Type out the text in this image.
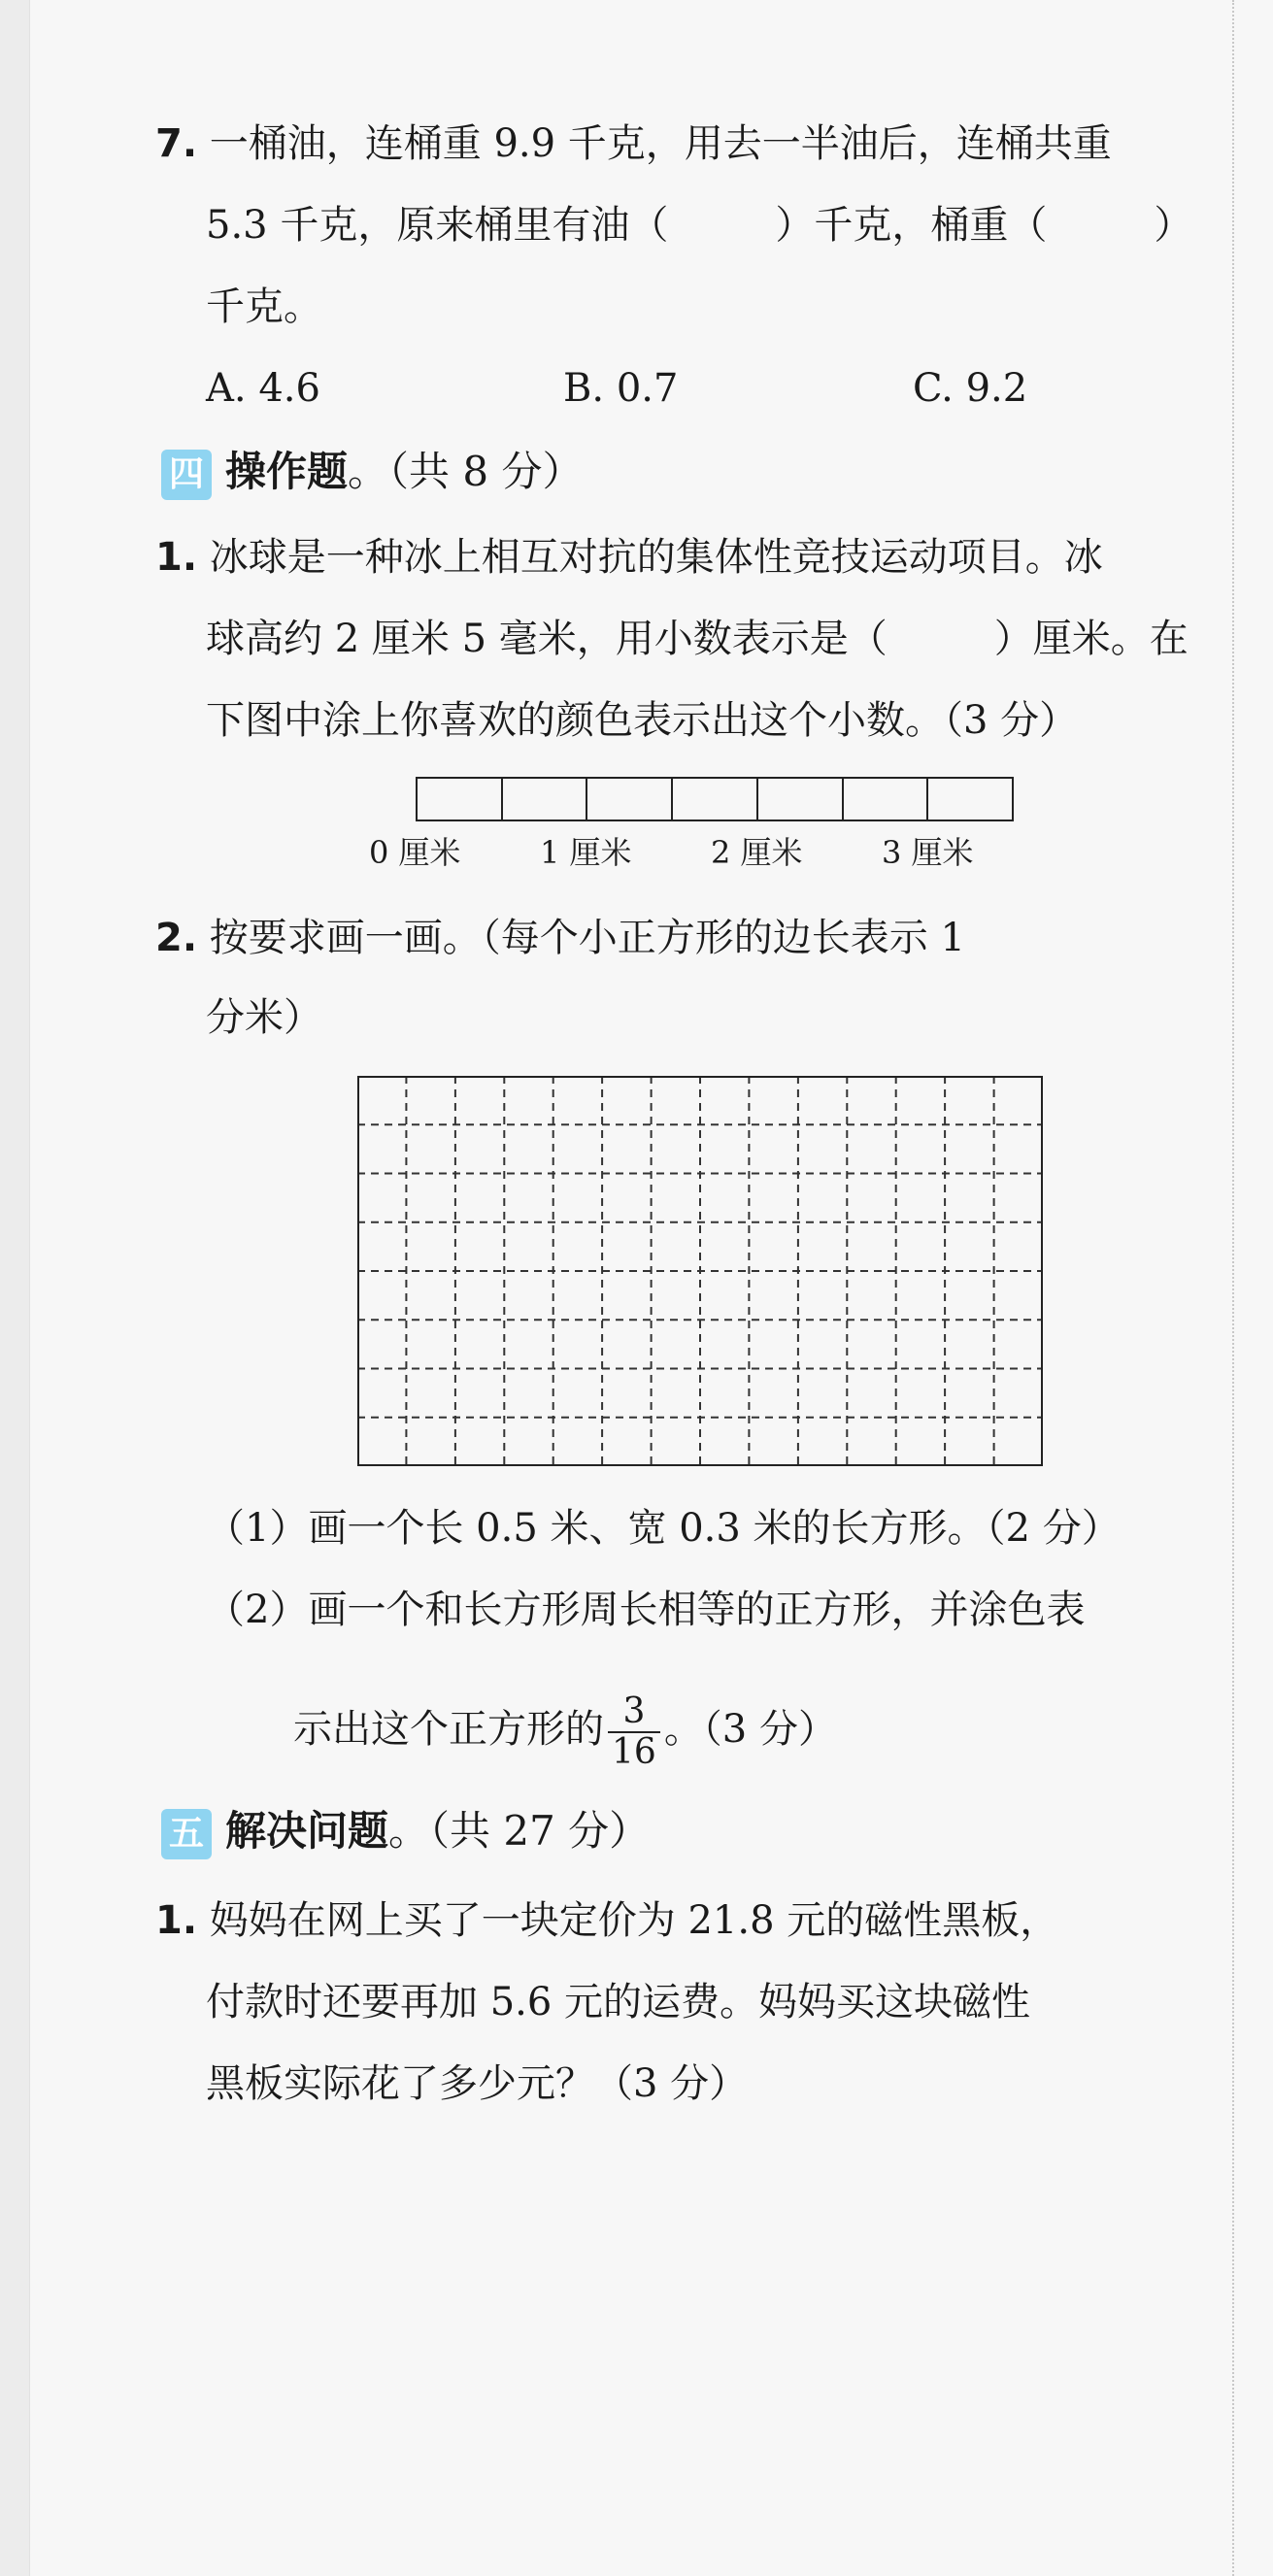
7. 一桶油，连桶重 9.9 千克，用去一半油后，连桶共重
5.3 千克，原来桶里有油（	）千克，桶重（	）
千克。
A. 4.6	B. 0.7	C. 9.2
四 操作题。（共 8 分）
1. 冰球是一种冰上相互对抗的集体性竞技运动项目。冰
球高约 2 厘米 5 毫米，用小数表示是（	）厘米。在
下图中涂上你喜欢的颜色表示出这个小数。（3 分）
0 厘米	1 厘米	2 厘米	3 厘米
2. 按要求画一画。（每个小正方形的边长表示 1
分米）
（1）画一个长 0.5 米、宽 0.3 米的长方形。（2 分）
（2）画一个和长方形周长相等的正方形，并涂色表
示出这个正方形的 $\frac{3}{16}$ 。（3 分）
五 解决问题。（共 27 分）
1. 妈妈在网上买了一块定价为 21.8 元的磁性黑板，
付款时还要再加 5.6 元的运费。妈妈买这块磁性
黑板实际花了多少元？（3 分）
